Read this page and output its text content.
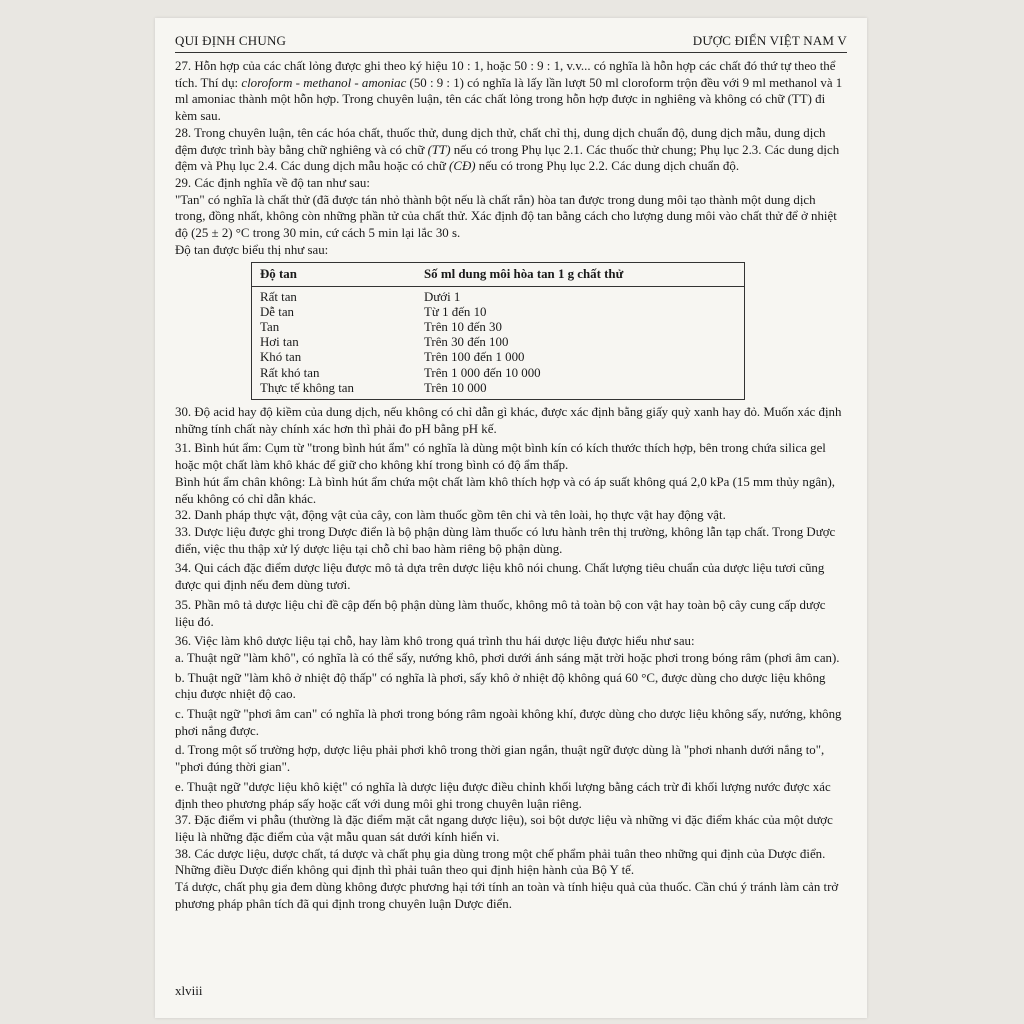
QUI ĐỊNH CHUNG	DƯỢC ĐIỂN VIỆT NAM V

27. Hỗn hợp của các chất lỏng được ghi theo ký hiệu 10 : 1, hoặc 50 : 9 : 1, v.v... có nghĩa là hỗn hợp các chất đó thứ tự theo thể tích. Thí dụ: cloroform - methanol - amoniac (50 : 9 : 1) có nghĩa là lấy lần lượt 50 ml cloroform trộn đều với 9 ml methanol và 1 ml amoniac thành một hỗn hợp. Trong chuyên luận, tên các chất lỏng trong hỗn hợp được in nghiêng và không có chữ (TT) đi kèm sau.

28. Trong chuyên luận, tên các hóa chất, thuốc thử, dung dịch thử, chất chỉ thị, dung dịch chuẩn độ, dung dịch mẫu, dung dịch đệm được trình bày bằng chữ nghiêng và có chữ (TT) nếu có trong Phụ lục 2.1. Các thuốc thử chung; Phụ lục 2.3. Các dung dịch đệm và Phụ lục 2.4. Các dung dịch mẫu hoặc có chữ (CĐ) nếu có trong Phụ lục 2.2. Các dung dịch chuẩn độ.

29. Các định nghĩa về độ tan như sau:

"Tan" có nghĩa là chất thử (đã được tán nhỏ thành bột nếu là chất rắn) hòa tan được trong dung môi tạo thành một dung dịch trong, đồng nhất, không còn những phần tử của chất thử. Xác định độ tan bằng cách cho lượng dung môi vào chất thử để ở nhiệt độ (25 ± 2) °C trong 30 min, cứ cách 5 min lại lắc 30 s.

Độ tan được biểu thị như sau:

Độ tan	Số ml dung môi hòa tan 1 g chất thử
Rất tan	Dưới 1
Dễ tan	Từ 1 đến 10
Tan	Trên 10 đến 30
Hơi tan	Trên 30 đến 100
Khó tan	Trên 100 đến 1 000
Rất khó tan	Trên 1 000 đến 10 000
Thực tế không tan	Trên 10 000

30. Độ acid hay độ kiềm của dung dịch, nếu không có chỉ dẫn gì khác, được xác định bằng giấy quỳ xanh hay đỏ. Muốn xác định những tính chất này chính xác hơn thì phải đo pH bằng pH kế.

31. Bình hút ẩm: Cụm từ "trong bình hút ẩm" có nghĩa là dùng một bình kín có kích thước thích hợp, bên trong chứa silica gel hoặc một chất làm khô khác để giữ cho không khí trong bình có độ ẩm thấp.

Bình hút ẩm chân không: Là bình hút ẩm chứa một chất làm khô thích hợp và có áp suất không quá 2,0 kPa (15 mm thủy ngân), nếu không có chỉ dẫn khác.

32. Danh pháp thực vật, động vật của cây, con làm thuốc gồm tên chi và tên loài, họ thực vật hay động vật.

33. Dược liệu được ghi trong Dược điển là bộ phận dùng làm thuốc có lưu hành trên thị trường, không lẫn tạp chất. Trong Dược điển, việc thu thập xử lý dược liệu tại chỗ chỉ bao hàm riêng bộ phận dùng.

34. Qui cách đặc điểm dược liệu được mô tả dựa trên dược liệu khô nói chung. Chất lượng tiêu chuẩn của dược liệu tươi cũng được qui định nếu đem dùng tươi.

35. Phần mô tả dược liệu chỉ đề cập đến bộ phận dùng làm thuốc, không mô tả toàn bộ con vật hay toàn bộ cây cung cấp dược liệu đó.

36. Việc làm khô dược liệu tại chỗ, hay làm khô trong quá trình thu hái dược liệu được hiểu như sau:

a. Thuật ngữ "làm khô", có nghĩa là có thể sấy, nướng khô, phơi dưới ánh sáng mặt trời hoặc phơi trong bóng râm (phơi âm can).

b. Thuật ngữ "làm khô ở nhiệt độ thấp" có nghĩa là phơi, sấy khô ở nhiệt độ không quá 60 °C, được dùng cho dược liệu không chịu được nhiệt độ cao.

c. Thuật ngữ "phơi âm can" có nghĩa là phơi trong bóng râm ngoài không khí, được dùng cho dược liệu không sấy, nướng, không phơi nắng được.

d. Trong một số trường hợp, dược liệu phải phơi khô trong thời gian ngắn, thuật ngữ được dùng là "phơi nhanh dưới nắng to", "phơi đúng thời gian".

e. Thuật ngữ "dược liệu khô kiệt" có nghĩa là dược liệu được điều chỉnh khối lượng bằng cách trừ đi khối lượng nước được xác định theo phương pháp sấy hoặc cất với dung môi ghi trong chuyên luận riêng.

37. Đặc điểm vi phẫu (thường là đặc điểm mặt cắt ngang dược liệu), soi bột dược liệu và những vi đặc điểm khác của một dược liệu là những đặc điểm của vật mẫu quan sát dưới kính hiển vi.

38. Các dược liệu, dược chất, tá dược và chất phụ gia dùng trong một chế phẩm phải tuân theo những qui định của Dược điển. Những điều Dược điển không qui định thì phải tuân theo qui định hiện hành của Bộ Y tế.

Tá dược, chất phụ gia đem dùng không được phương hại tới tính an toàn và tính hiệu quả của thuốc. Cần chú ý tránh làm cản trở phương pháp phân tích đã qui định trong chuyên luận Dược điển.

xlviii
